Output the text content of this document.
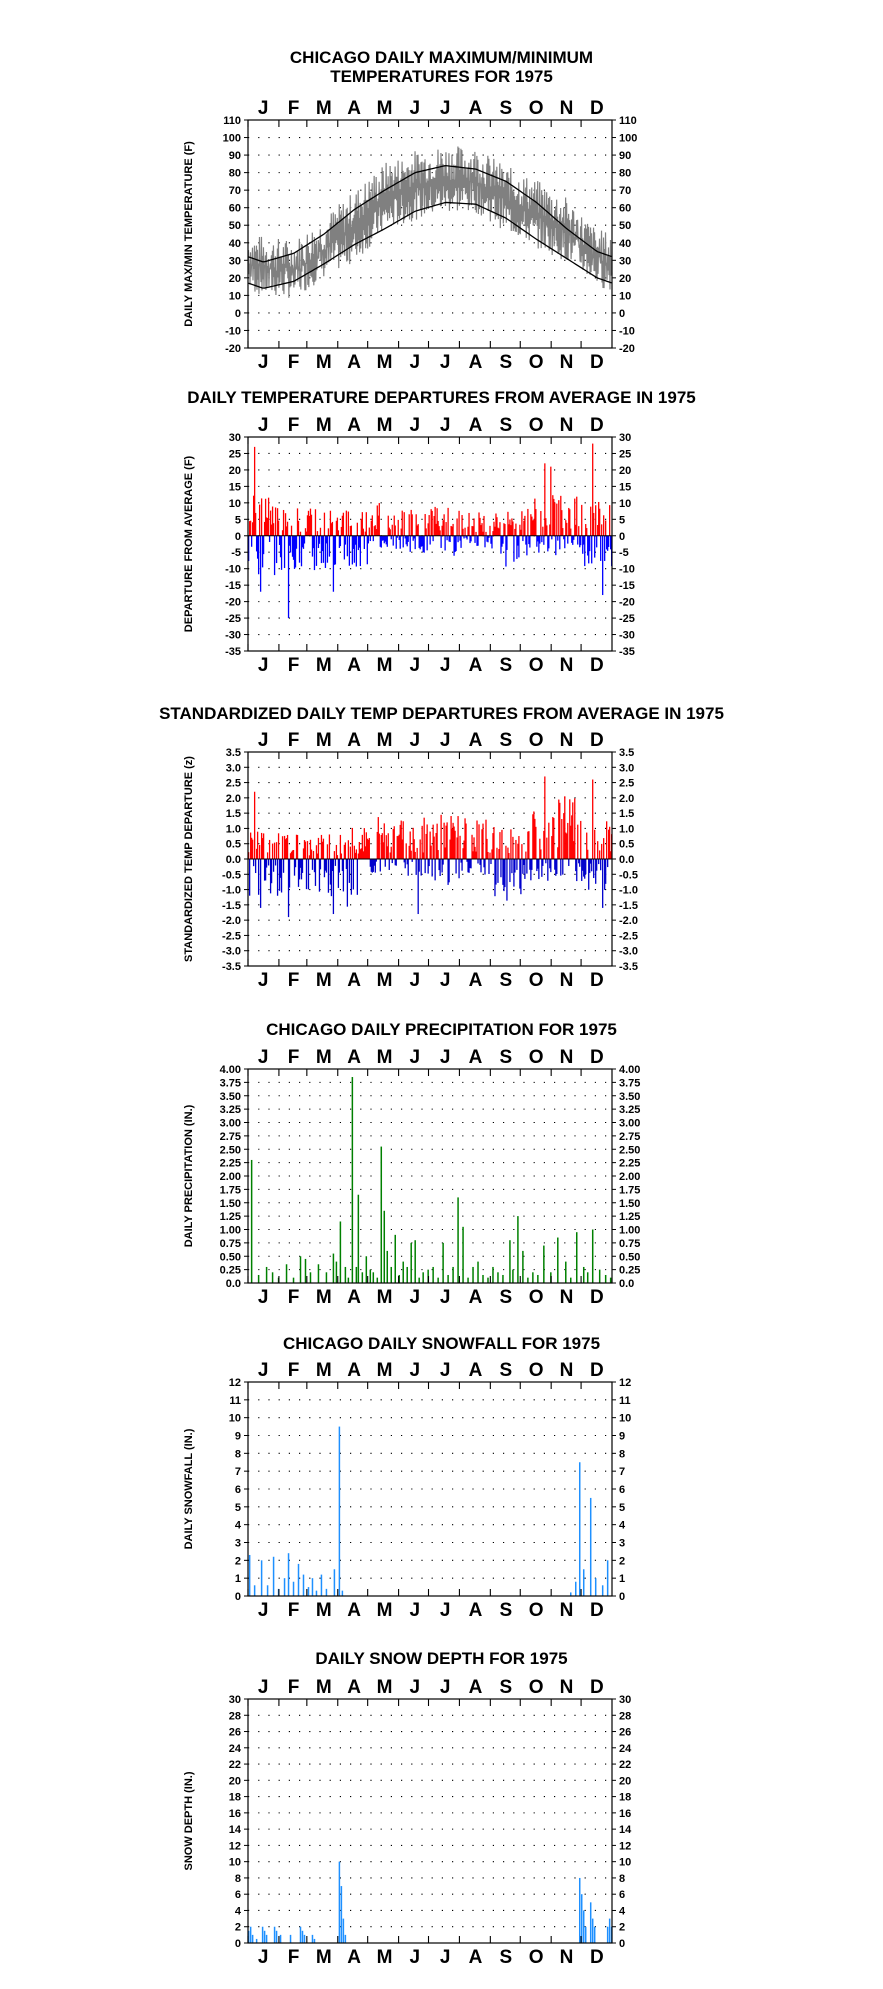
CHICAGO DAILY MAXIMUM/MINIMUM
TEMPERATURES FOR 1975
J
J
F
F
M
M
A
A
M
M
J
J
J
J
A
A
S
S
O
O
N
N
D
D
-20	-20
-10	-10
0	0
10	10
20	20
30	30
40	40
50	50
60	60
70	70
80	80
90	90
100	100
110	110
DAILY MAX/MIN TEMPERATURE (F)
DAILY TEMPERATURE DEPARTURES FROM AVERAGE IN 1975
J
J
F
F
M
M
A
A
M
M
J
J
J
J
A
A
S
S
O
O
N
N
D
D
-35	-35
-30	-30
-25	-25
-20	-20
-15	-15
-10	-10
-5	-5
0	0
5	5
10	10
15	15
20	20
25	25
30	30
DEPARTURE FROM AVERAGE (F)
STANDARDIZED DAILY TEMP DEPARTURES FROM AVERAGE IN 1975
J
J
F
F
M
M
A
A
M
M
J
J
J
J
A
A
S
S
O
O
N
N
D
D
-3.5	-3.5
-3.0	-3.0
-2.5	-2.5
-2.0	-2.0
-1.5	-1.5
-1.0	-1.0
-0.5	-0.5
0.0	0.0
0.5	0.5
1.0	1.0
1.5	1.5
2.0	2.0
2.5	2.5
3.0	3.0
3.5	3.5
STANDARDIZED TEMP DEPARTURE (z)
CHICAGO DAILY PRECIPITATION FOR 1975
J
J
F
F
M
M
A
A
M
M
J
J
J
J
A
A
S
S
O
O
N
N
D
D
0.0	0.0
0.25	0.25
0.50	0.50
0.75	0.75
1.00	1.00
1.25	1.25
1.50	1.50
1.75	1.75
2.00	2.00
2.25	2.25
2.50	2.50
2.75	2.75
3.00	3.00
3.25	3.25
3.50	3.50
3.75	3.75
4.00	4.00
DAILY PRECIPITATION (IN.)
CHICAGO DAILY SNOWFALL FOR 1975
J
J
F
F
M
M
A
A
M
M
J
J
J
J
A
A
S
S
O
O
N
N
D
D
0	0
1	1
2	2
3	3
4	4
5	5
6	6
7	7
8	8
9	9
10	10
11	11
12	12
DAILY SNOWFALL (IN.)
DAILY SNOW DEPTH FOR 1975
J
J
F
F
M
M
A
A
M
M
J
J
J
J
A
A
S
S
O
O
N
N
D
D
0	0
2	2
4	4
6	6
8	8
10	10
12	12
14	14
16	16
18	18
20	20
22	22
24	24
26	26
28	28
30	30
SNOW DEPTH (IN.)
